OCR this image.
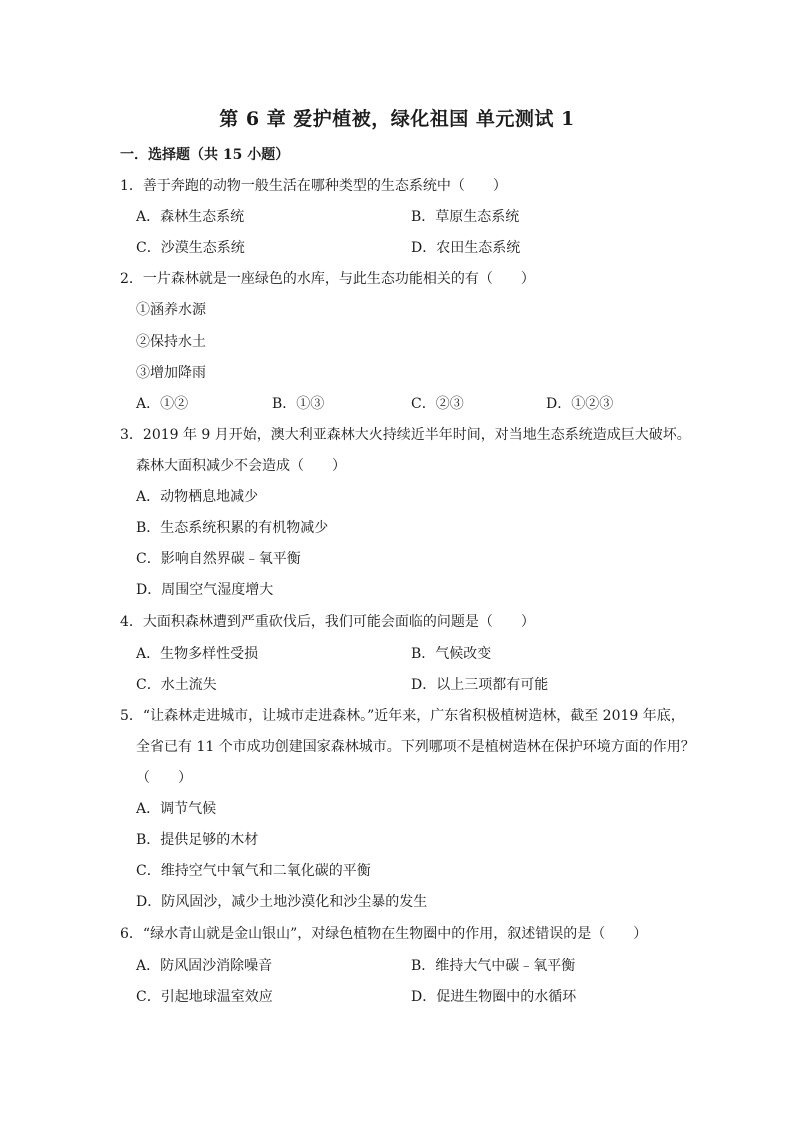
第 6 章 爱护植被，绿化祖国 单元测试 1
一．选择题（共 15 小题）
1．善于奔跑的动物一般生活在哪种类型的生态系统中（　　）
A．森林生态系统	B．草原生态系统
C．沙漠生态系统	D．农田生态系统
2．一片森林就是一座绿色的水库，与此生态功能相关的有（　　）
①涵养水源
②保持水土
③增加降雨
A．①②	B．①③	C．②③	D．①②③
3．2019 年 9 月开始，澳大利亚森林大火持续近半年时间，对当地生态系统造成巨大破坏。
森林大面积减少不会造成（　　）
A．动物栖息地减少
B．生态系统积累的有机物减少
C．影响自然界碳﹣氧平衡
D．周围空气湿度增大
4．大面积森林遭到严重砍伐后，我们可能会面临的问题是（　　）
A．生物多样性受损	B．气候改变
C．水土流失	D．以上三项都有可能
5．“让森林走进城市，让城市走进森林。”近年来，广东省积极植树造林，截至 2019 年底，
全省已有 11 个市成功创建国家森林城市。下列哪项不是植树造林在保护环境方面的作用？
（　　）
A．调节气候
B．提供足够的木材
C．维持空气中氧气和二氧化碳的平衡
D．防风固沙，减少土地沙漠化和沙尘暴的发生
6．“绿水青山就是金山银山”，对绿色植物在生物圈中的作用，叙述错误的是（　　）
A．防风固沙消除噪音	B．维持大气中碳﹣氧平衡
C．引起地球温室效应	D．促进生物圈中的水循环
